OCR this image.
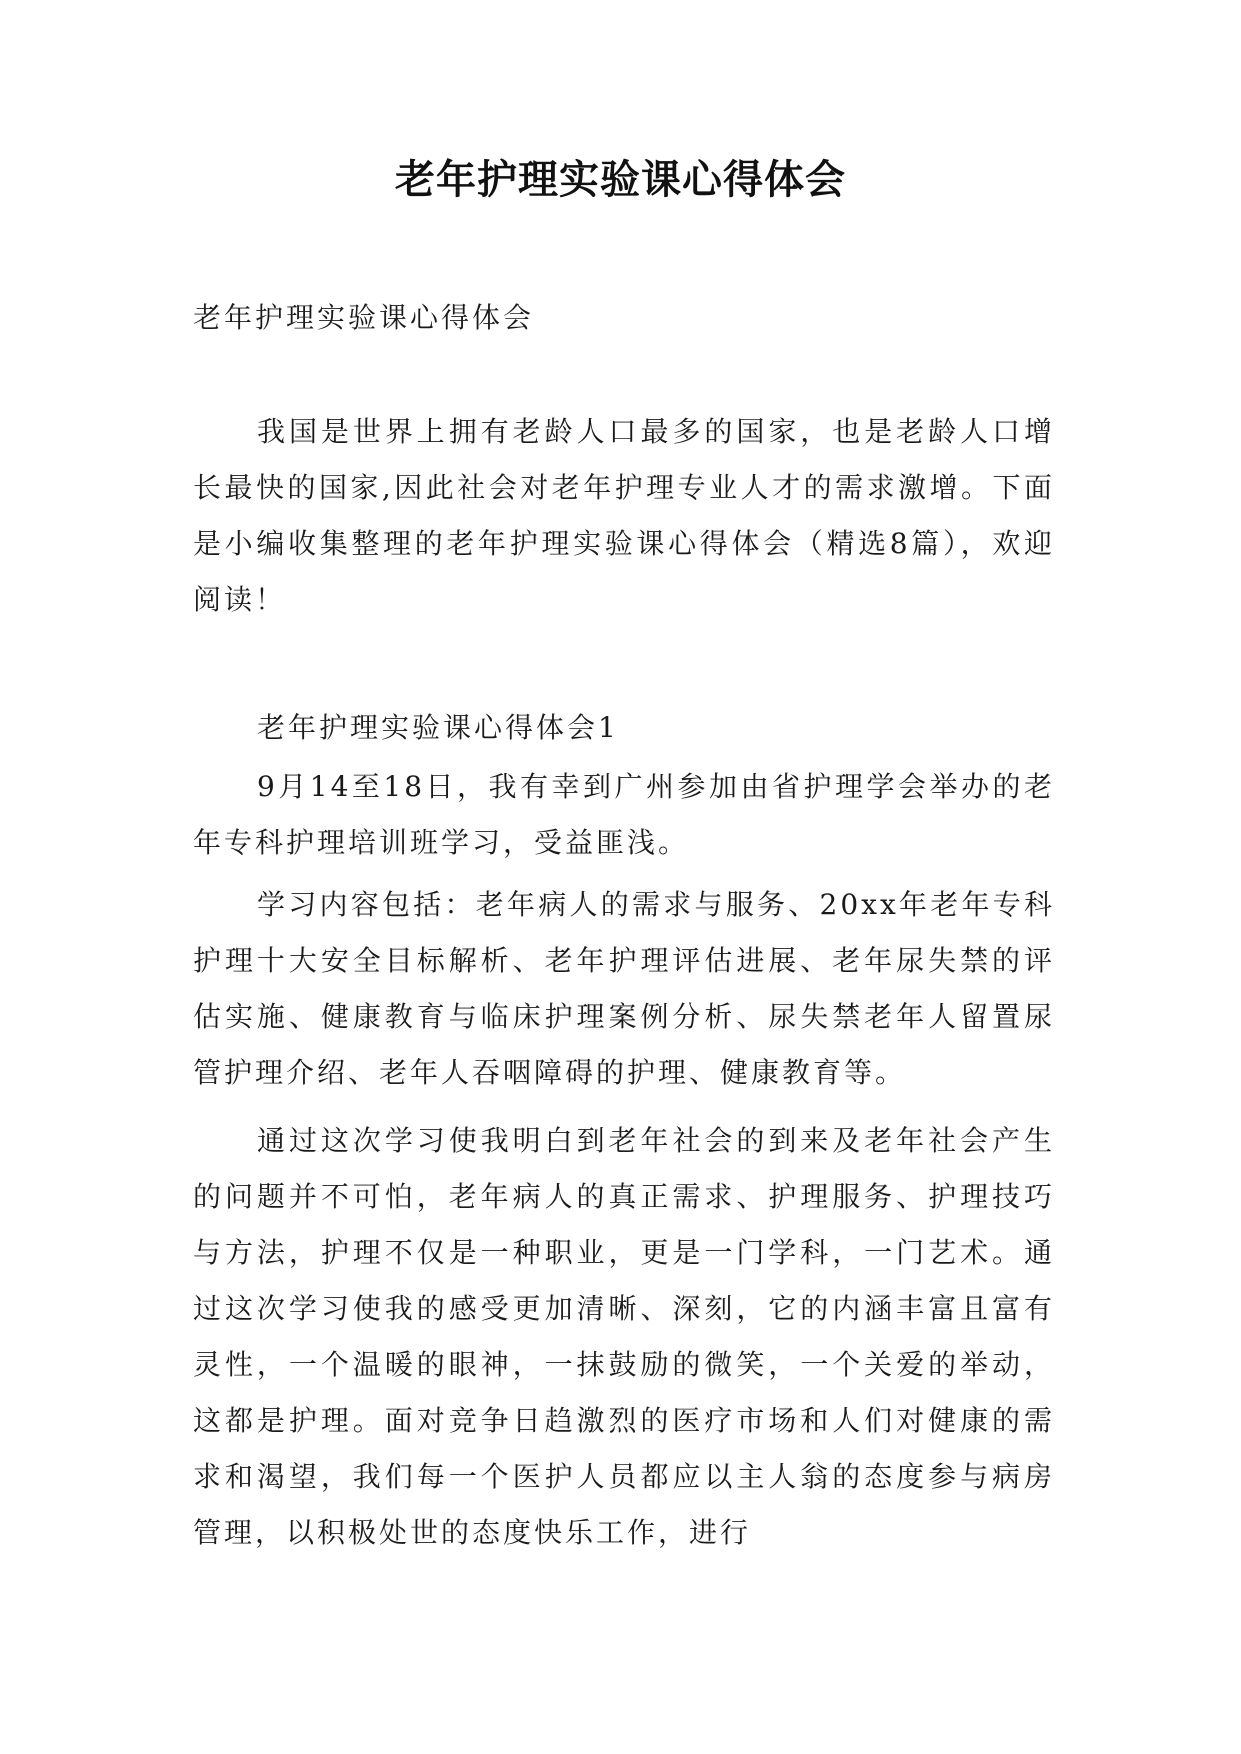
老年护理实验课心得体会

老年护理实验课心得体会

我国是世界上拥有老龄人口最多的国家，也是老龄人口增长最快的国家,因此社会对老年护理专业人才的需求激增。下面是小编收集整理的老年护理实验课心得体会（精选8篇），欢迎阅读！

老年护理实验课心得体会1

9月14至18日，我有幸到广州参加由省护理学会举办的老年专科护理培训班学习，受益匪浅。

学习内容包括：老年病人的需求与服务、20xx年老年专科护理十大安全目标解析、老年护理评估进展、老年尿失禁的评估实施、健康教育与临床护理案例分析、尿失禁老年人留置尿管护理介绍、老年人吞咽障碍的护理、健康教育等。

通过这次学习使我明白到老年社会的到来及老年社会产生的问题并不可怕，老年病人的真正需求、护理服务、护理技巧与方法，护理不仅是一种职业，更是一门学科，一门艺术。通过这次学习使我的感受更加清晰、深刻，它的内涵丰富且富有灵性，一个温暖的眼神，一抹鼓励的微笑，一个关爱的举动，这都是护理。面对竞争日趋激烈的医疗市场和人们对健康的需求和渴望，我们每一个医护人员都应以主人翁的态度参与病房管理，以积极处世的态度快乐工作，进行
